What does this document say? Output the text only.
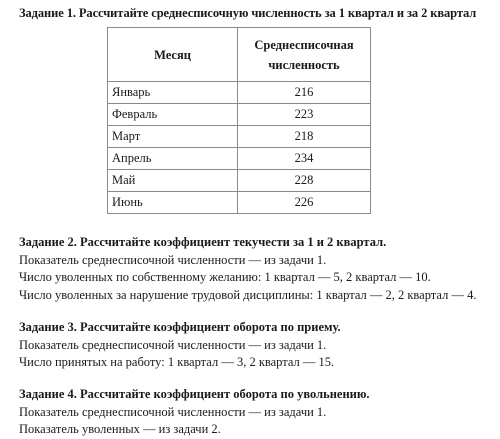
Задание 1. Рассчитайте среднесписочную численность за 1 квартал и за 2 квартал
Месяц	Среднесписочная
численность

Январь	216
Февраль	223
Март	218
Апрель	234
Май	228
Июнь	226
Задание 2. Рассчитайте коэффициент текучести за 1 и 2 квартал.
Показатель среднесписочной численности — из задачи 1.
Число уволенных по собственному желанию: 1 квартал — 5, 2 квартал — 10.
Число уволенных за нарушение трудовой дисциплины: 1 квартал — 2, 2 квартал — 4.
Задание 3. Рассчитайте коэффициент оборота по приему.
Показатель среднесписочной численности — из задачи 1.
Число принятых на работу: 1 квартал — 3, 2 квартал — 15.
Задание 4. Рассчитайте коэффициент оборота по увольнению.
Показатель среднесписочной численности — из задачи 1.
Показатель уволенных — из задачи 2.
